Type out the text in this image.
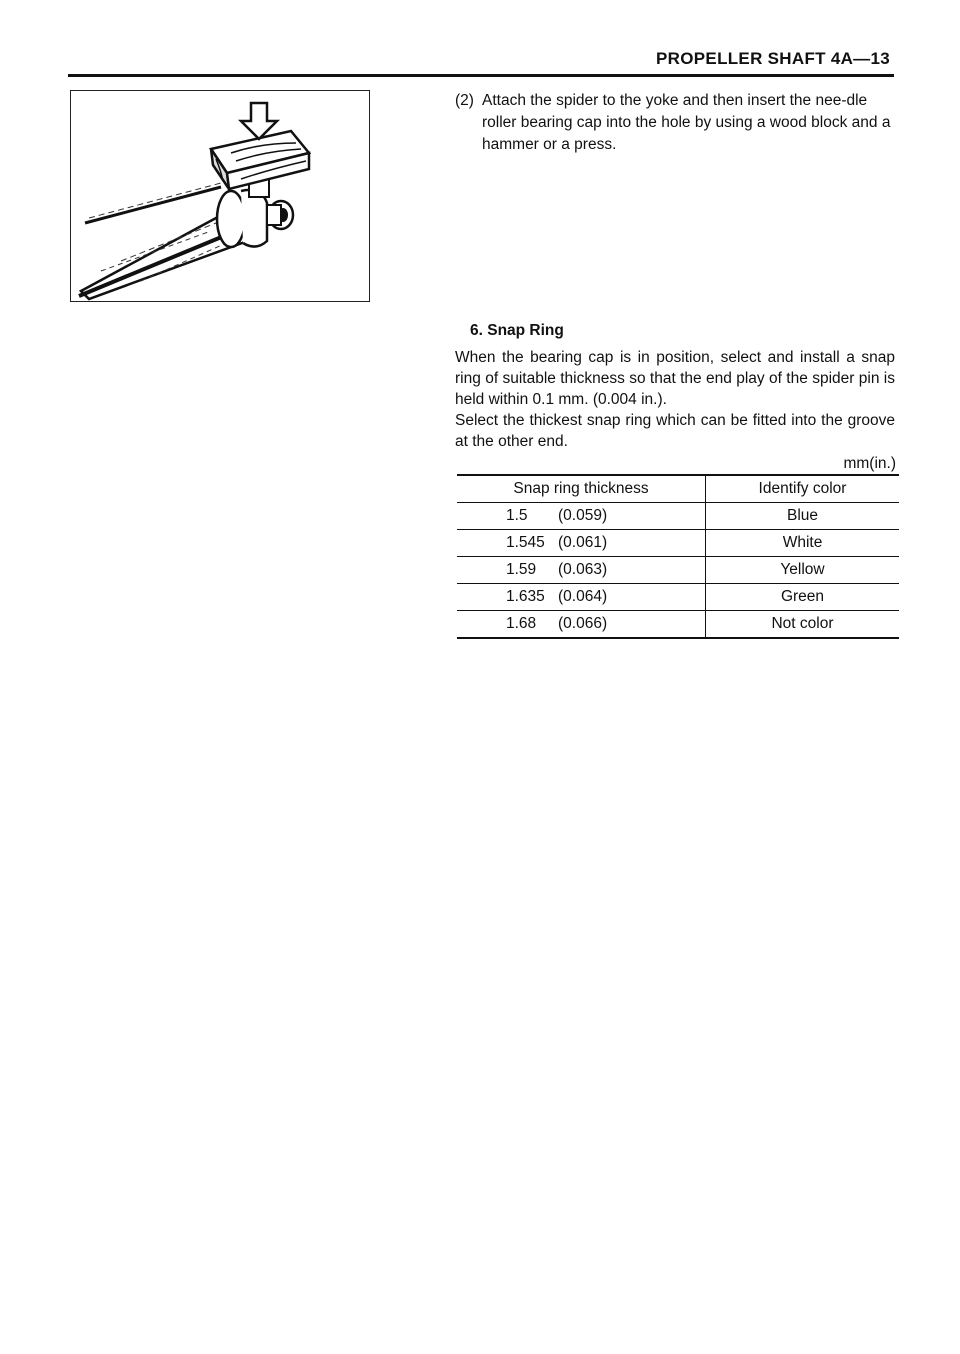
PROPELLER SHAFT 4A—13
(2) Attach the spider to the yoke and then insert the nee-dle roller bearing cap into the hole by using a wood block and a hammer or a press.
6. Snap Ring
When the bearing cap is in position, select and install a snap ring of suitable thickness so that the end play of the spider pin is held within 0.1 mm. (0.004 in.).
Select the thickest snap ring which can be fitted into the groove at the other end.
mm(in.)
Snap ring thickness	Identify color
1.5 (0.059)	Blue
1.545 (0.061)	White
1.59 (0.063)	Yellow
1.635 (0.064)	Green
1.68 (0.066)	Not color
